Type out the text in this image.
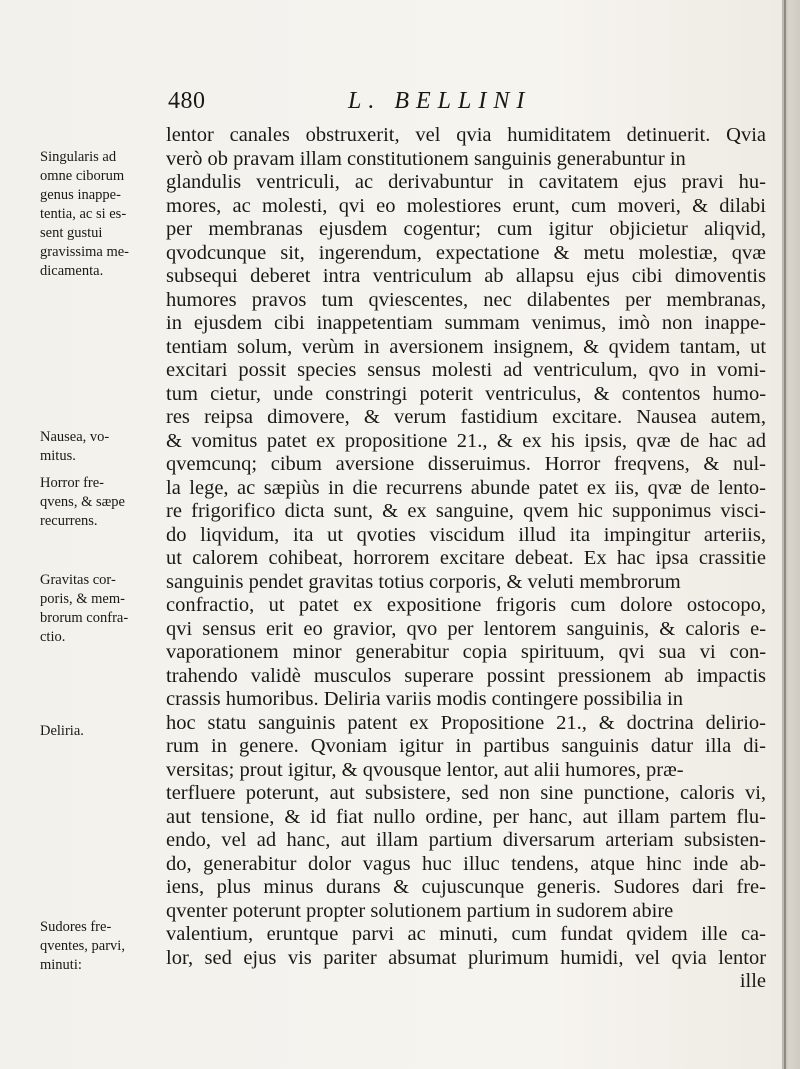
480	L. BELLINI
Singularis ad
omne ciborum
genus inappe-
tentia, ac si es-
sent gustui
gravissima me-
dicamenta.
Nausea, vo-
mitus.
Horror fre-
qvens, & sæpe
recurrens.
Gravitas cor-
poris, & mem-
brorum confra-
ctio.
Deliria.
Sudores fre-
qventes, parvi,
minuti:
lentor canales obstruxerit, vel qvia humiditatem detinuerit. Qvia
verò ob pravam illam constitutionem sanguinis generabuntur in
glandulis ventriculi, ac derivabuntur in cavitatem ejus pravi hu-
mores, ac molesti, qvi eo molestiores erunt, cum moveri, & dilabi
per membranas ejusdem cogentur; cum igitur objicietur aliqvid,
qvodcunque sit, ingerendum, expectatione & metu molestiæ, qvæ
subsequi deberet intra ventriculum ab allapsu ejus cibi dimoventis
humores pravos tum qviescentes, nec dilabentes per membranas,
in ejusdem cibi inappetentiam summam venimus, imò non inappe-
tentiam solum, verùm in aversionem insignem, & qvidem tantam, ut
excitari possit species sensus molesti ad ventriculum, qvo in vomi-
tum cietur, unde constringi poterit ventriculus, & contentos humo-
res reipsa dimovere, & verum fastidium excitare. Nausea autem,
& vomitus patet ex propositione 21., & ex his ipsis, qvæ de hac ad
qvemcunq; cibum aversione disseruimus. Horror freqvens, & nul-
la lege, ac sæpiùs in die recurrens abunde patet ex iis, qvæ de lento-
re frigorifico dicta sunt, & ex sanguine, qvem hic supponimus visci-
do liqvidum, ita ut qvoties viscidum illud ita impingitur arteriis,
ut calorem cohibeat, horrorem excitare debeat. Ex hac ipsa crassitie
sanguinis pendet gravitas totius corporis, & veluti membrorum
confractio, ut patet ex expositione frigoris cum dolore ostocopo,
qvi sensus erit eo gravior, qvo per lentorem sanguinis, & caloris e-
vaporationem minor generabitur copia spirituum, qvi sua vi con-
trahendo validè musculos superare possint pressionem ab impactis
crassis humoribus. Deliria variis modis contingere possibilia in
hoc statu sanguinis patent ex Propositione 21., & doctrina delirio-
rum in genere. Qvoniam igitur in partibus sanguinis datur illa di-
versitas; prout igitur, & qvousque lentor, aut alii humores, præ-
terfluere poterunt, aut subsistere, sed non sine punctione, caloris vi,
aut tensione, & id fiat nullo ordine, per hanc, aut illam partem flu-
endo, vel ad hanc, aut illam partium diversarum arteriam subsisten-
do, generabitur dolor vagus huc illuc tendens, atque hinc inde ab-
iens, plus minus durans & cujuscunque generis. Sudores dari fre-
qventer poterunt propter solutionem partium in sudorem abire
valentium, eruntque parvi ac minuti, cum fundat qvidem ille ca-
lor, sed ejus vis pariter absumat plurimum humidi, vel qvia lentor
ille
